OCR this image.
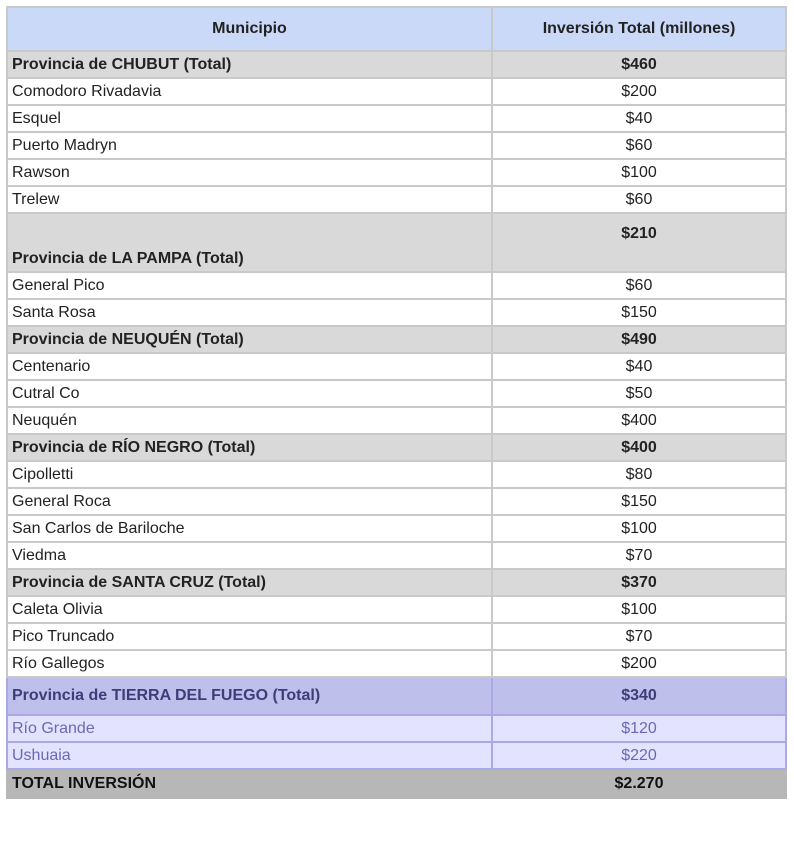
Municipio	Inversión Total (millones)
Provincia de CHUBUT (Total)	$460
Comodoro Rivadavia	$200
Esquel	$40
Puerto Madryn	$60
Rawson	$100
Trelew	$60
Provincia de LA PAMPA (Total)	$210
General Pico	$60
Santa Rosa	$150
Provincia de NEUQUÉN (Total)	$490
Centenario	$40
Cutral Co	$50
Neuquén	$400
Provincia de RÍO NEGRO (Total)	$400
Cipolletti	$80
General Roca	$150
San Carlos de Bariloche	$100
Viedma	$70
Provincia de SANTA CRUZ (Total)	$370
Caleta Olivia	$100
Pico Truncado	$70
Río Gallegos	$200
Provincia de TIERRA DEL FUEGO (Total)	$340
Río Grande	$120
Ushuaia	$220
TOTAL INVERSIÓN	$2.270
